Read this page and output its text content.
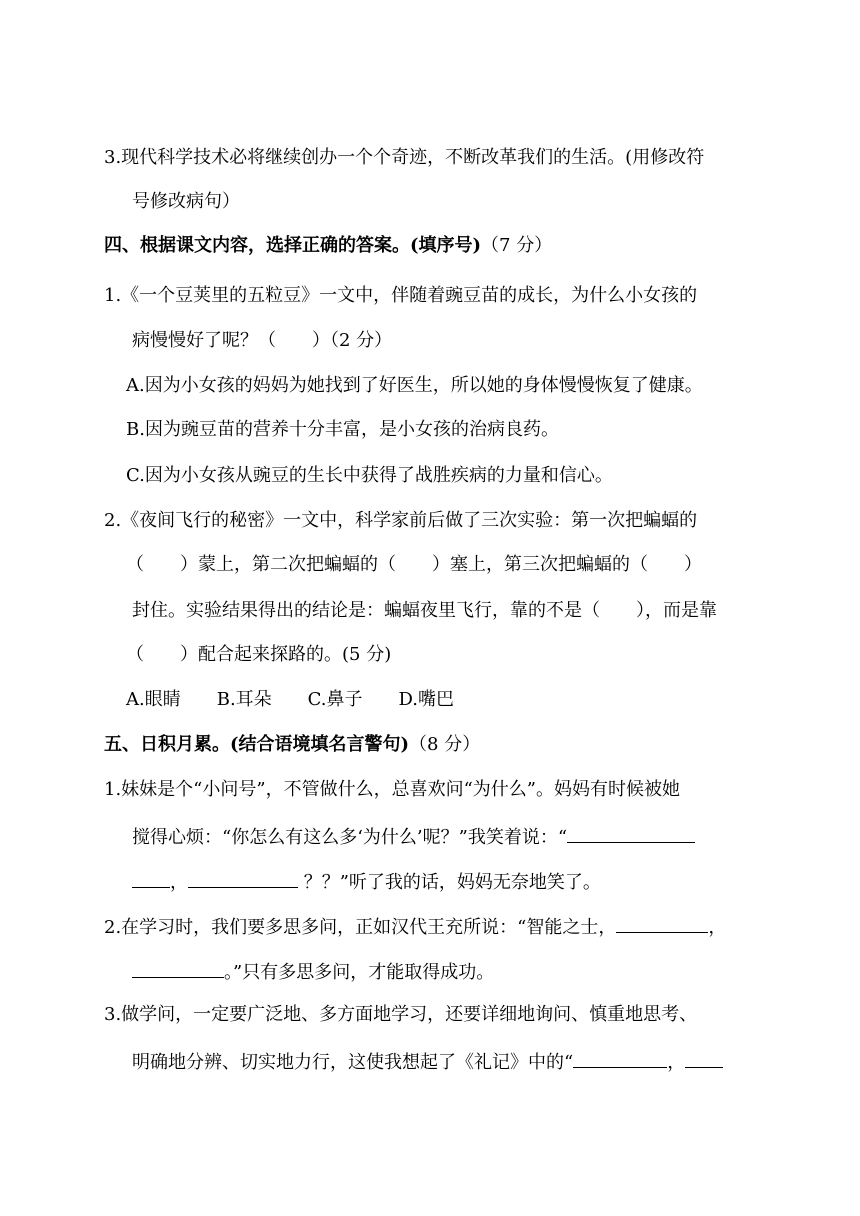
3.现代科学技术必将继续创办一个个奇迹，不断改革我们的生活。(用修改符
号修改病句）
四、根据课文内容，选择正确的答案。(填序号)（7 分）
1.《一个豆荚里的五粒豆》一文中，伴随着豌豆苗的成长，为什么小女孩的
病慢慢好了呢？（　　）（2 分）
A.因为小女孩的妈妈为她找到了好医生，所以她的身体慢慢恢复了健康。
B.因为豌豆苗的营养十分丰富，是小女孩的治病良药。
C.因为小女孩从豌豆的生长中获得了战胜疾病的力量和信心。
2.《夜间飞行的秘密》一文中，科学家前后做了三次实验：第一次把蝙蝠的
（　　）蒙上，第二次把蝙蝠的（　　）塞上，第三次把蝙蝠的（　　）
封住。实验结果得出的结论是：蝙蝠夜里飞行，靠的不是（　　），而是靠
（　　）配合起来探路的。(5 分)
A.眼睛　　B.耳朵　　C.鼻子　　D.嘴巴
五、日积月累。(结合语境填名言警句)（8 分）
1.妹妹是个“小问号”，不管做什么，总喜欢问“为什么”。妈妈有时候被她
搅得心烦：“你怎么有这么多‘为什么’呢？”我笑着说：“
，	？？”听了我的话，妈妈无奈地笑了。
2.在学习时，我们要多思多问，正如汉代王充所说：“智能之士，	，
。”只有多思多问，才能取得成功。
3.做学问，一定要广泛地、多方面地学习，还要详细地询问、慎重地思考、
明确地分辨、切实地力行，这使我想起了《礼记》中的“	，
